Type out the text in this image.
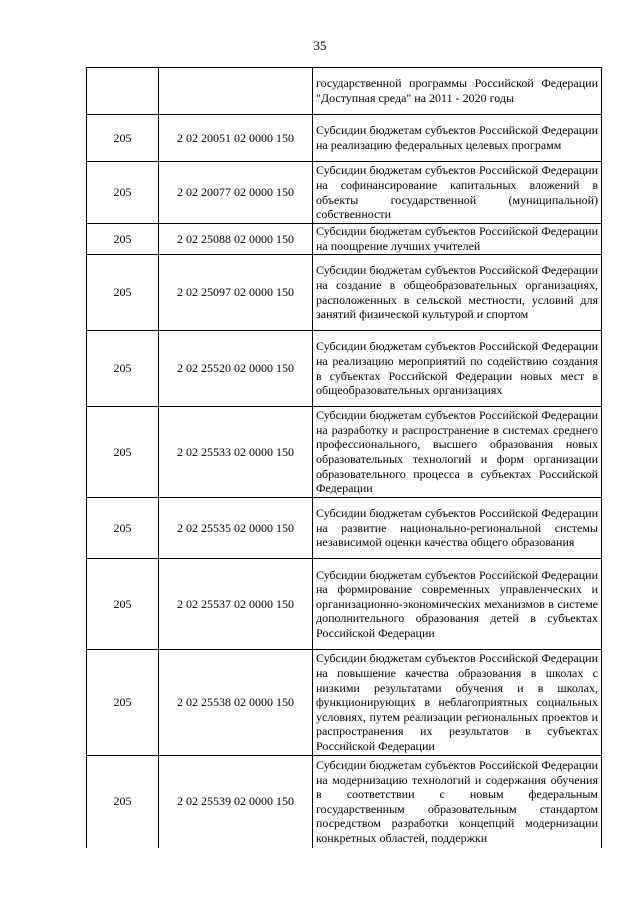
35
		государственной программы Российской Федерации "Доступная среда" на 2011 - 2020 годы
205	2 02 20051 02 0000 150	Субсидии бюджетам субъектов Российской Федерации на реализацию федеральных целевых программ
205	2 02 20077 02 0000 150	Субсидии бюджетам субъектов Российской Федерации на софинансирование капитальных вложений в объекты государственной (муниципальной) собственности
205	2 02 25088 02 0000 150	Субсидии бюджетам субъектов Российской Федерации на поощрение лучших учителей
205	2 02 25097 02 0000 150	Субсидии бюджетам субъектов Российской Федерации на создание в общеобразовательных организациях, расположенных в сельской местности, условий для занятий физической культурой и спортом
205	2 02 25520 02 0000 150	Субсидии бюджетам субъектов Российской Федерации на реализацию мероприятий по содействию создания в субъектах Российской Федерации новых мест в общеобразовательных организациях
205	2 02 25533 02 0000 150	Субсидии бюджетам субъектов Российской Федерации на разработку и распространение в системах среднего профессионального, высшего образования новых образовательных технологий и форм организации образовательного процесса в субъектах Российской Федерации
205	2 02 25535 02 0000 150	Субсидии бюджетам субъектов Российской Федерации на развитие национально-региональной системы независимой оценки качества общего образования
205	2 02 25537 02 0000 150	Субсидии бюджетам субъектов Российской Федерации на формирование современных управленческих и организационно-экономических механизмов в системе дополнительного образования детей в субъектах Российской Федерации
205	2 02 25538 02 0000 150	Субсидии бюджетам субъектов Российской Федерации на повышение качества образования в школах с низкими результатами обучения и в школах, функционирующих в неблагоприятных социальных условиях, путем реализации региональных проектов и распространения их результатов в субъектах Российской Федерации
205	2 02 25539 02 0000 150	Субсидии бюджетам субъектов Российской Федерации на модернизацию технологий и содержания обучения в соответствии с новым федеральным государственным образовательным стандартом посредством разработки концепций модернизации конкретных областей, поддержки
